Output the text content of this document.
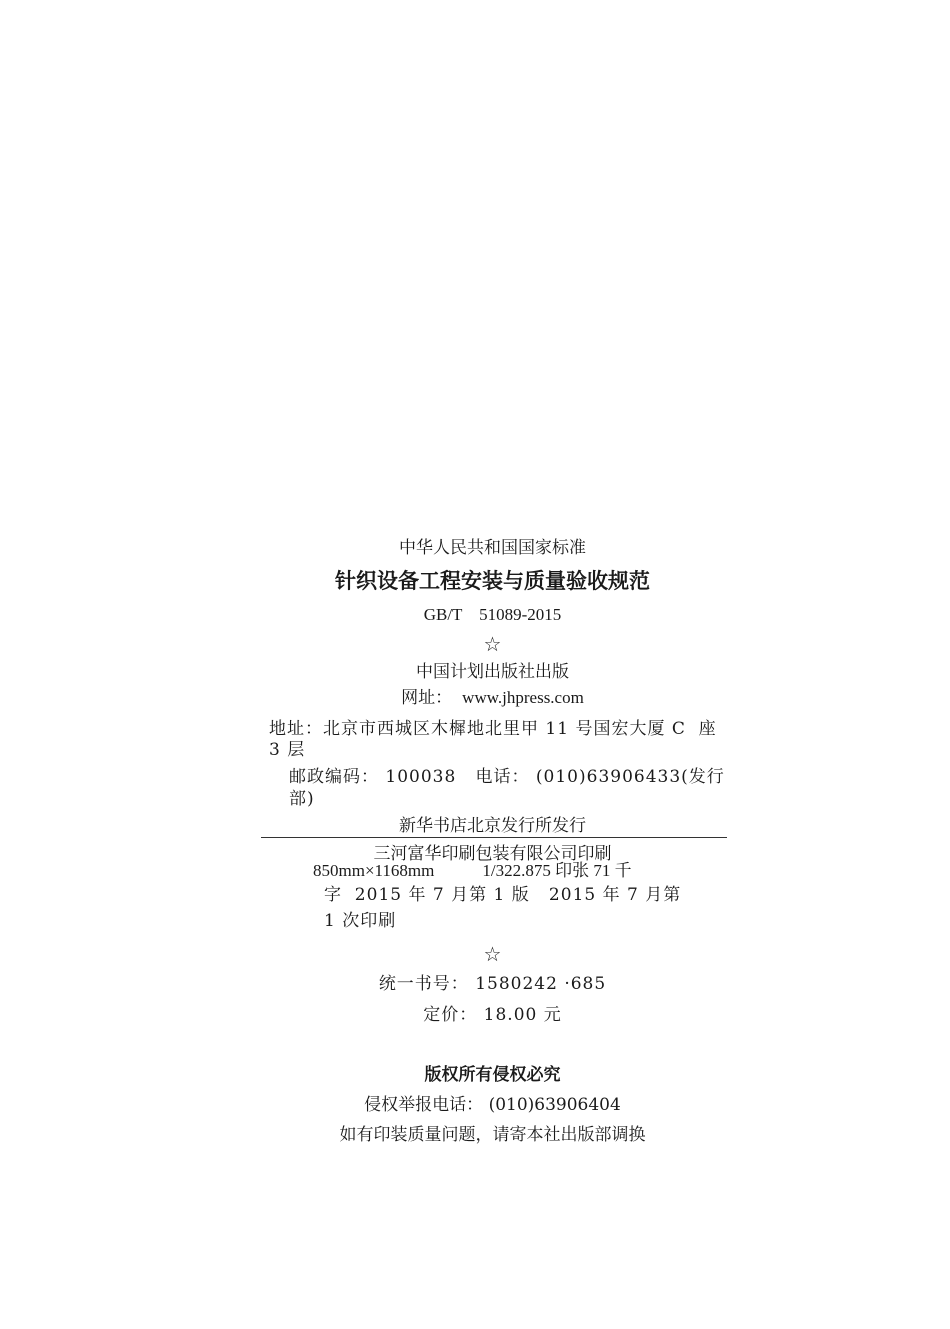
中华人民共和国国家标准
针织设备工程安装与质量验收规范
GB/T    51089-2015
☆
中国计划出版社出版
网址： www.jhpress.com
地址：北京市西城区木樨地北里甲 11 号国宏大厦 C  座
3 层
邮政编码： 100038   电话： (010)63906433(发行
部)
新华书店北京发行所发行
三河富华印刷包装有限公司印刷
850mm×1168mm	1/322.875 印张 71 千
字  2015 年 7 月第 1 版   2015 年 7 月第
1 次印刷
☆
统一书号： 1580242 ·685
定价： 18.00 元
版权所有侵权必究
侵权举报电话： (010)63906404
如有印装质量问题，请寄本社出版部调换
